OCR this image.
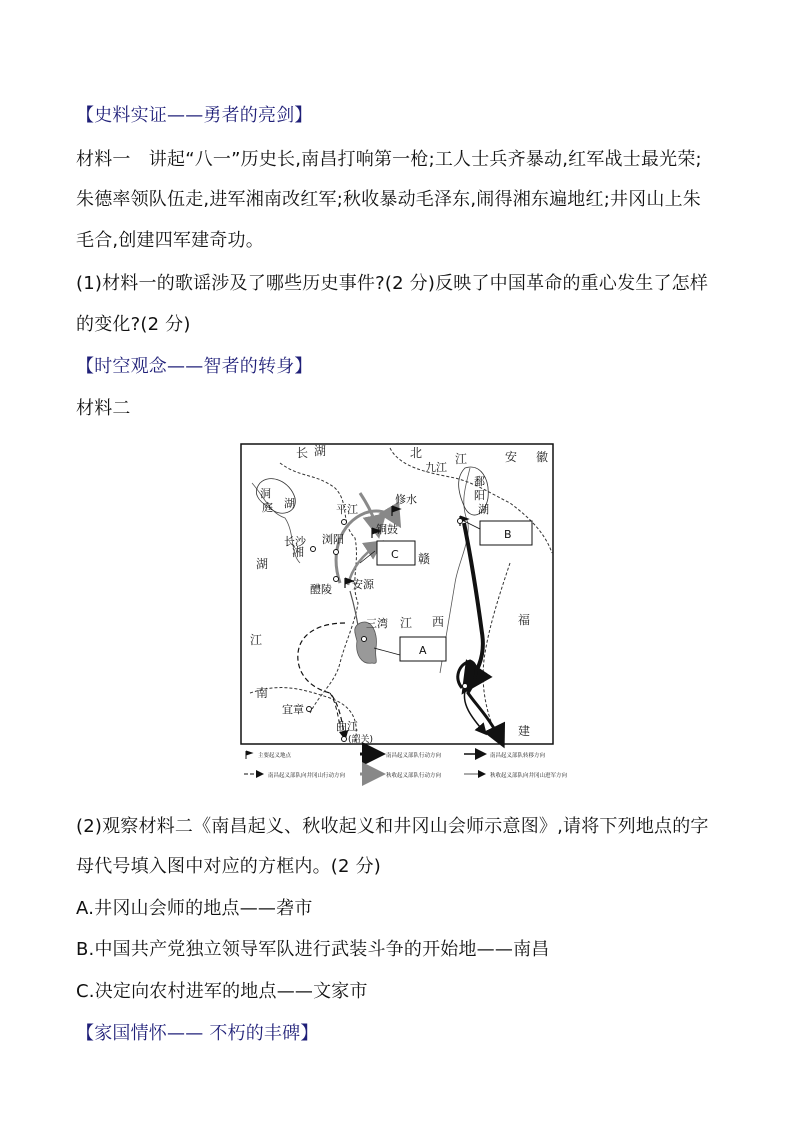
【史料实证——勇者的亮剑】
材料一　讲起“八一”历史长,南昌打响第一枪;工人士兵齐暴动,红军战士最光荣;
朱德率领队伍走,进军湘南改红军;秋收暴动毛泽东,闹得湘东遍地红;井冈山上朱
毛合,创建四军建奇功。
(1)材料一的歌谣涉及了哪些历史事件?(2 分)反映了中国革命的重心发生了怎样
的变化?(2 分)
【时空观念——智者的转身】
材料二
长 湖	北
九江
安 徽
洞
庭 湖
鄱
阳
湖
湖
湘	赣
江 西	福
江
南
建
江
平江
修水
铜鼓
浏阳
长沙
醴陵 安源
三湾
宜章
曲江
(韶关)
C
B
A
主要起义地点	南昌起义部队行动方向	南昌起义部队转移方向
南昌起义部队向井冈山行动方向	秋收起义部队行动方向	秋收起义部队向井冈山进军方向
(2)观察材料二《南昌起义、秋收起义和井冈山会师示意图》,请将下列地点的字
母代号填入图中对应的方框内。(2 分)
A.井冈山会师的地点——砻市
B.中国共产党独立领导军队进行武装斗争的开始地——南昌
C.决定向农村进军的地点——文家市
【家国情怀—— 不朽的丰碑】
